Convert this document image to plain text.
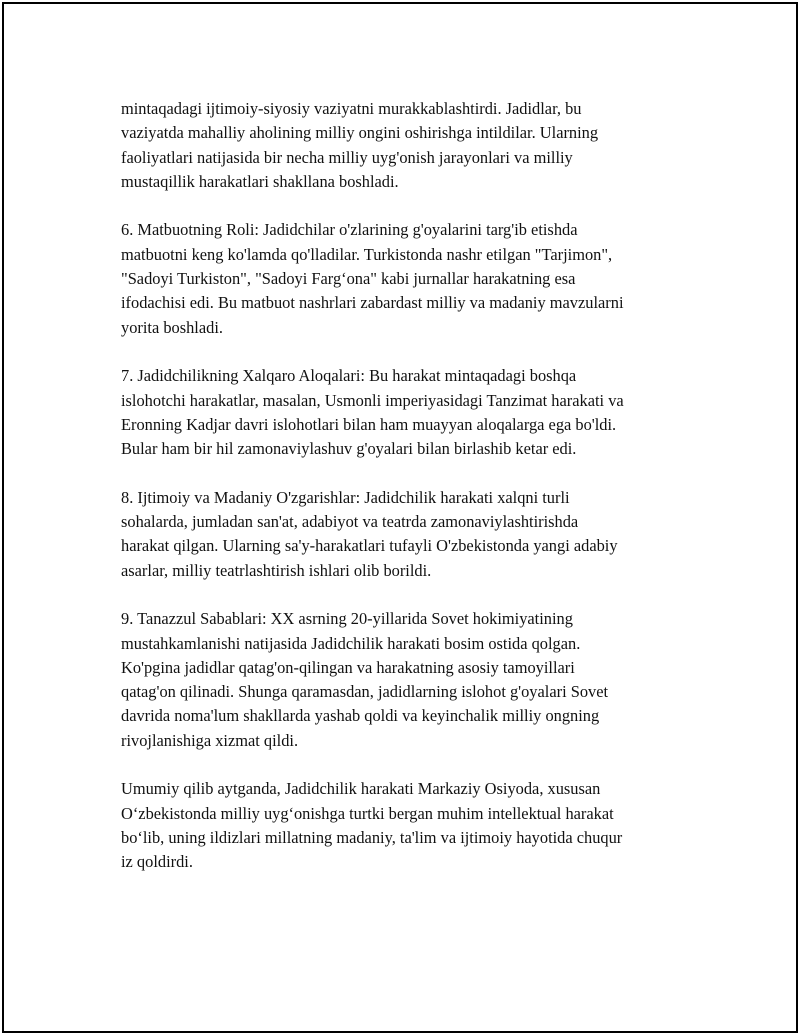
mintaqadagi ijtimoiy-siyosiy vaziyatni murakkablashtirdi. Jadidlar, bu
vaziyatda mahalliy aholining milliy ongini oshirishga intildilar. Ularning
faoliyatlari natijasida bir necha milliy uyg'onish jarayonlari va milliy
mustaqillik harakatlari shakllana boshladi.

6. Matbuotning Roli: Jadidchilar o'zlarining g'oyalarini targ'ib etishda
matbuotni keng ko'lamda qo'lladilar. Turkistonda nashr etilgan "Tarjimon",
"Sadoyi Turkiston", "Sadoyi Farg‘ona" kabi jurnallar harakatning esa
ifodachisi edi. Bu matbuot nashrlari zabardast milliy va madaniy mavzularni
yorita boshladi.

7. Jadidchilikning Xalqaro Aloqalari: Bu harakat mintaqadagi boshqa
islohotchi harakatlar, masalan, Usmonli imperiyasidagi Tanzimat harakati va
Eronning Kadjar davri islohotlari bilan ham muayyan aloqalarga ega bo'ldi.
Bular ham bir hil zamonaviylashuv g'oyalari bilan birlashib ketar edi.

8. Ijtimoiy va Madaniy O'zgarishlar: Jadidchilik harakati xalqni turli
sohalarda, jumladan san'at, adabiyot va teatrda zamonaviylashtirishda
harakat qilgan. Ularning sa'y-harakatlari tufayli O'zbekistonda yangi adabiy
asarlar, milliy teatrlashtirish ishlari olib borildi.

9. Tanazzul Sabablari: XX asrning 20-yillarida Sovet hokimiyatining
mustahkamlanishi natijasida Jadidchilik harakati bosim ostida qolgan.
Ko'pgina jadidlar qatag'on-qilingan va harakatning asosiy tamoyillari
qatag'on qilinadi. Shunga qaramasdan, jadidlarning islohot g'oyalari Sovet
davrida noma'lum shakllarda yashab qoldi va keyinchalik milliy ongning
rivojlanishiga xizmat qildi.

Umumiy qilib aytganda, Jadidchilik harakati Markaziy Osiyoda, xususan
O‘zbekistonda milliy uyg‘onishga turtki bergan muhim intellektual harakat
bo‘lib, uning ildizlari millatning madaniy, ta'lim va ijtimoiy hayotida chuqur
iz qoldirdi.
